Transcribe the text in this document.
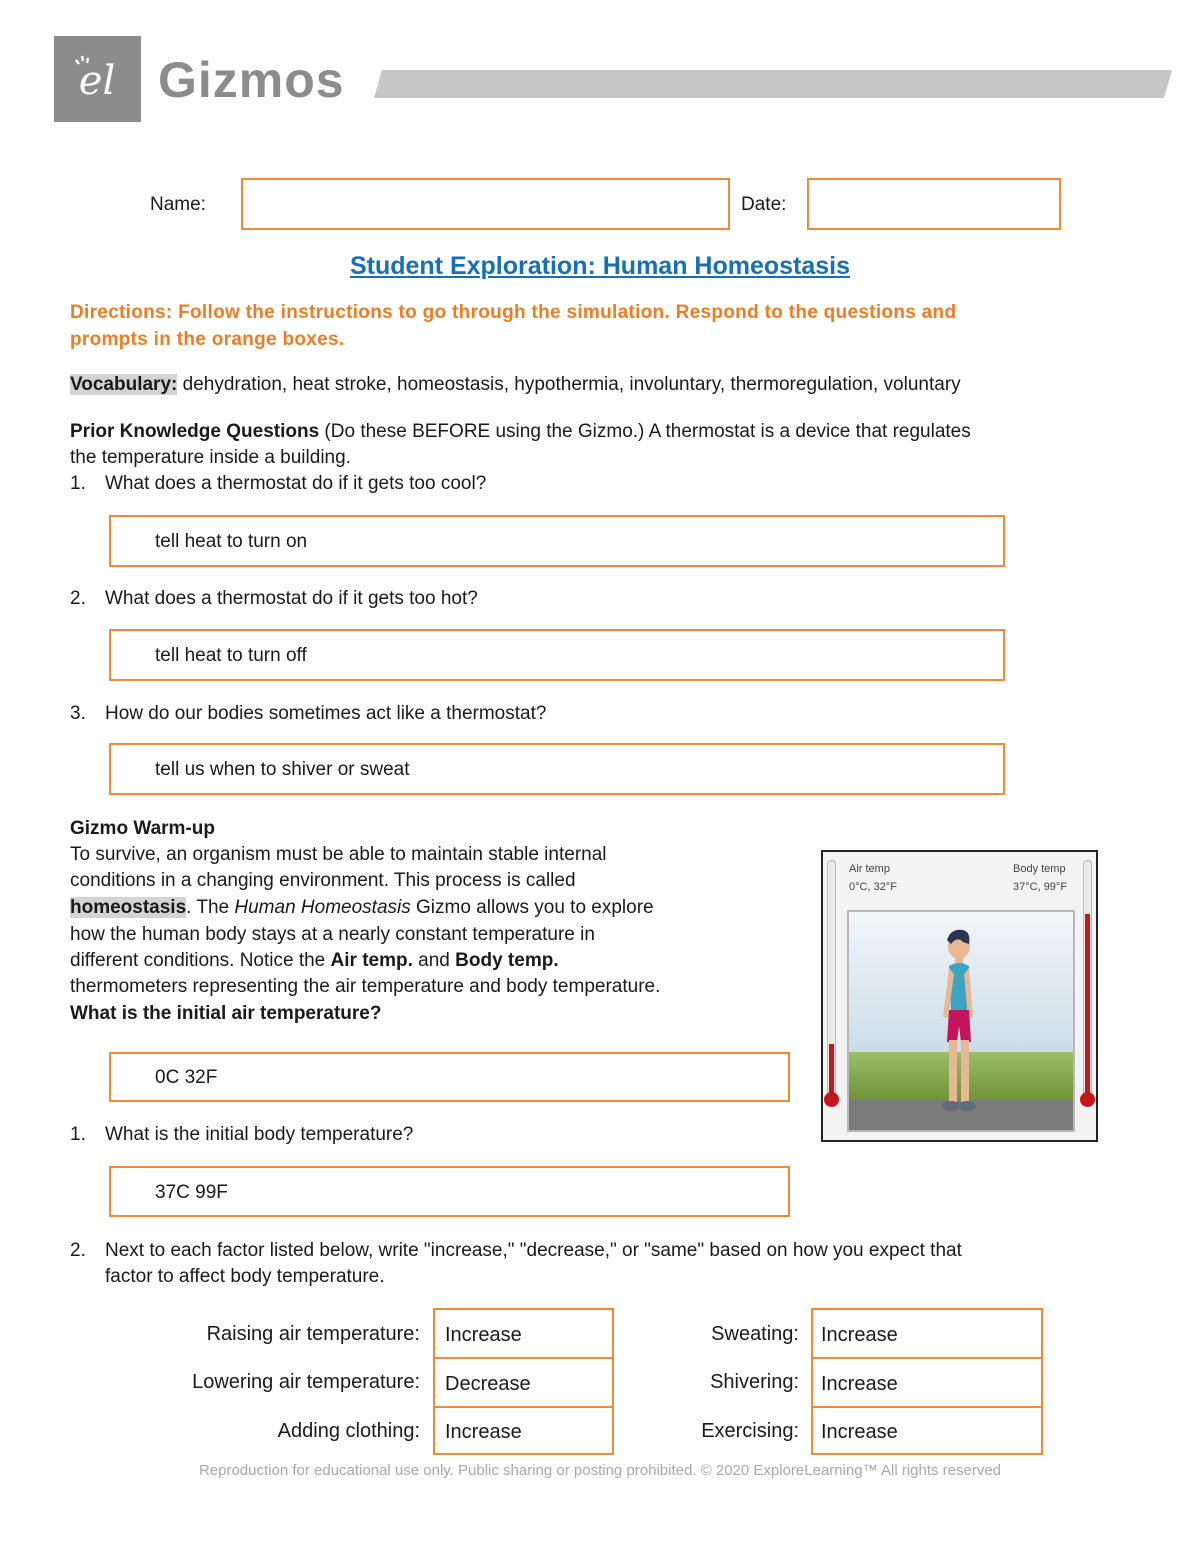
el Gizmos
Name:	Date:
Student Exploration: Human Homeostasis
Directions: Follow the instructions to go through the simulation. Respond to the questions and
prompts in the orange boxes.
Vocabulary: dehydration, heat stroke, homeostasis, hypothermia, involuntary, thermoregulation, voluntary
Prior Knowledge Questions (Do these BEFORE using the Gizmo.) A thermostat is a device that regulates
the temperature inside a building.
1. What does a thermostat do if it gets too cool?
tell heat to turn on
2. What does a thermostat do if it gets too hot?
tell heat to turn off
3. How do our bodies sometimes act like a thermostat?
tell us when to shiver or sweat
Gizmo Warm-up
To survive, an organism must be able to maintain stable internal
conditions in a changing environment. This process is called
homeostasis. The Human Homeostasis Gizmo allows you to explore
how the human body stays at a nearly constant temperature in
different conditions. Notice the Air temp. and Body temp.
thermometers representing the air temperature and body temperature.
What is the initial air temperature?
0C 32F
1. What is the initial body temperature?
37C 99F
2. Next to each factor listed below, write "increase," "decrease," or "same" based on how you expect that
factor to affect body temperature.
Air temp
0°C, 32°F
Body temp
37°C, 99°F
Raising air temperature:
Lowering air temperature:
Adding clothing:
Increase
Decrease
Increase
Sweating:
Shivering:
Exercising:
Increase
Increase
Increase
Reproduction for educational use only. Public sharing or posting prohibited. © 2020 ExploreLearning™ All rights reserved
